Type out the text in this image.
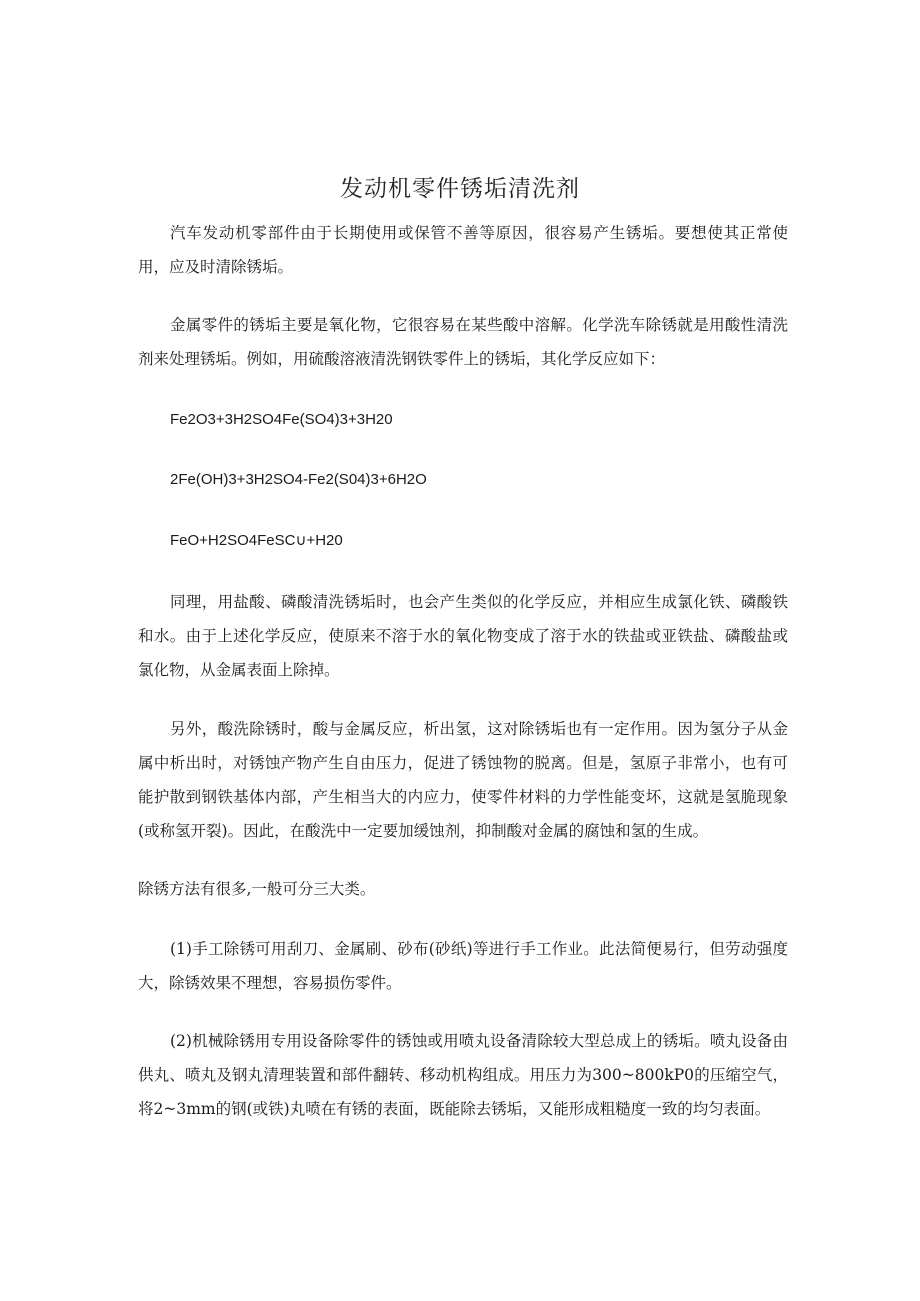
发动机零件锈垢清洗剂

汽车发动机零部件由于长期使用或保管不善等原因，很容易产生锈垢。要想使其正常使用，应及时清除锈垢。

金属零件的锈垢主要是氧化物，它很容易在某些酸中溶解。化学洗车除锈就是用酸性清洗剂来处理锈垢。例如，用硫酸溶液清洗钢铁零件上的锈垢，其化学反应如下：

Fe2O3+3H2SO4Fe(SO4)3+3H20

2Fe(OH)3+3H2SO4-Fe2(S04)3+6H2O

FeO+H2SO4FeSC∪+H20

同理，用盐酸、磷酸清洗锈垢时，也会产生类似的化学反应，并相应生成氯化铁、磷酸铁和水。由于上述化学反应，使原来不溶于水的氧化物变成了溶于水的铁盐或亚铁盐、磷酸盐或氯化物，从金属表面上除掉。

另外，酸洗除锈时，酸与金属反应，析出氢，这对除锈垢也有一定作用。因为氢分子从金属中析出时，对锈蚀产物产生自由压力，促进了锈蚀物的脱离。但是，氢原子非常小，也有可能护散到钢铁基体内部，产生相当大的内应力，使零件材料的力学性能变坏，这就是氢脆现象(或称氢开裂)。因此，在酸洗中一定要加缓蚀剂，抑制酸对金属的腐蚀和氢的生成。

除锈方法有很多,一般可分三大类。

(1)手工除锈可用刮刀、金属刷、砂布(砂纸)等进行手工作业。此法简便易行，但劳动强度大，除锈效果不理想，容易损伤零件。

(2)机械除锈用专用设备除零件的锈蚀或用喷丸设备清除较大型总成上的锈垢。喷丸设备由供丸、喷丸及钢丸清理装置和部件翻转、移动机构组成。用压力为300~800kP0的压缩空气，将2~3mm的钢(或铁)丸喷在有锈的表面，既能除去锈垢，又能形成粗糙度一致的均匀表面。
